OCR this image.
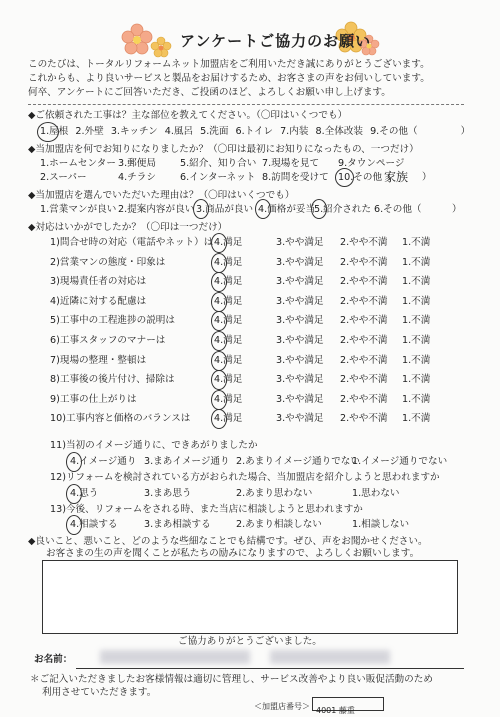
アンケートご協力のお願い
このたびは、トータルリフォームネット加盟店をご利用いただき誠にありがとうございます。
これからも、より良いサービスと製品をお届けするため、お客さまの声をお伺いしています。
何卒、アンケートにご回答いただき、ご投函のほど、よろしくお願い申し上げます。
◆ご依頼された工事は？主な部位を教えてください。（〇印はいくつでも）
1.屋根 2.外壁 3.キッチン 4.風呂 5.洗面 6.トイレ 7.内装 8.全体改装 9.その他（	）
◆当加盟店を何でお知りになりましたか？（〇印は最初にお知りになったもの、一つだけ）
1.ホームセンター 3.郵便局	5.紹介、知り合い 7.現場を見て 9.タウンページ
2.スーパー	4.チラシ	6.インターネット 8.訪問を受けて 10.その他（
家族 ）
◆当加盟店を選んでいただいた理由は？（〇印はいくつでも）
1.営業マンが良い 2.提案内容が良い 3.商品が良い 4.価格が妥当
5.紹介された 6.その他（	）
◆対応はいかがでしたか？（〇印は一つだけ）
1)問合せ時の対応（電話やネット）は 4.満足	3.やや満足 2.やや不満 1.不満
2)営業マンの態度・印象は	4.満足	3.やや満足 2.やや不満 1.不満
3)現場責任者の対応は	4.満足	3.やや満足 2.やや不満 1.不満
4)近隣に対する配慮は	4.満足	3.やや満足 2.やや不満 1.不満
5)工事中の工程進捗の説明は	4.満足	3.やや満足 2.やや不満 1.不満
6)工事スタッフのマナーは	4.満足	3.やや満足 2.やや不満 1.不満
7)現場の整理・整頓は	4.満足	3.やや満足 2.やや不満 1.不満
8)工事後の後片付け、掃除は	4.満足	3.やや満足 2.やや不満 1.不満
9)工事の仕上がりは	4.満足	3.やや満足 2.やや不満 1.不満
10)工事内容と価格のバランスは 4.満足	3.やや満足 2.やや不満 1.不満
11)当初のイメージ通りに、できあがりましたか
4.イメージ通り 3.まあイメージ通り 2.あまりイメージ通りでない
1.イメージ通りでない
12)リフォームを検討されている方がおられた場合、当加盟店を紹介しようと思われますか
4.思う	3.まあ思う	2.あまり思わない	1.思わない
13)今後、リフォームをされる時、また当店に相談しようと思われますか
4.相談する	3.まあ相談する	2.あまり相談しない	1.相談しない
◆良いこと、悪いこと、どのような些細なことでも結構です。ぜひ、声をお聞かせください。
お客さまの生の声を聞くことが私たちの励みになりますので、よろしくお願いします。
ご協力ありがとうございました。
お名前：
＊ご記入いただきましたお客様情報は適切に管理し、サービス改善やより良い販促活動のため
利用させていただきます。
＜加盟店番号＞ 4001 藤重
